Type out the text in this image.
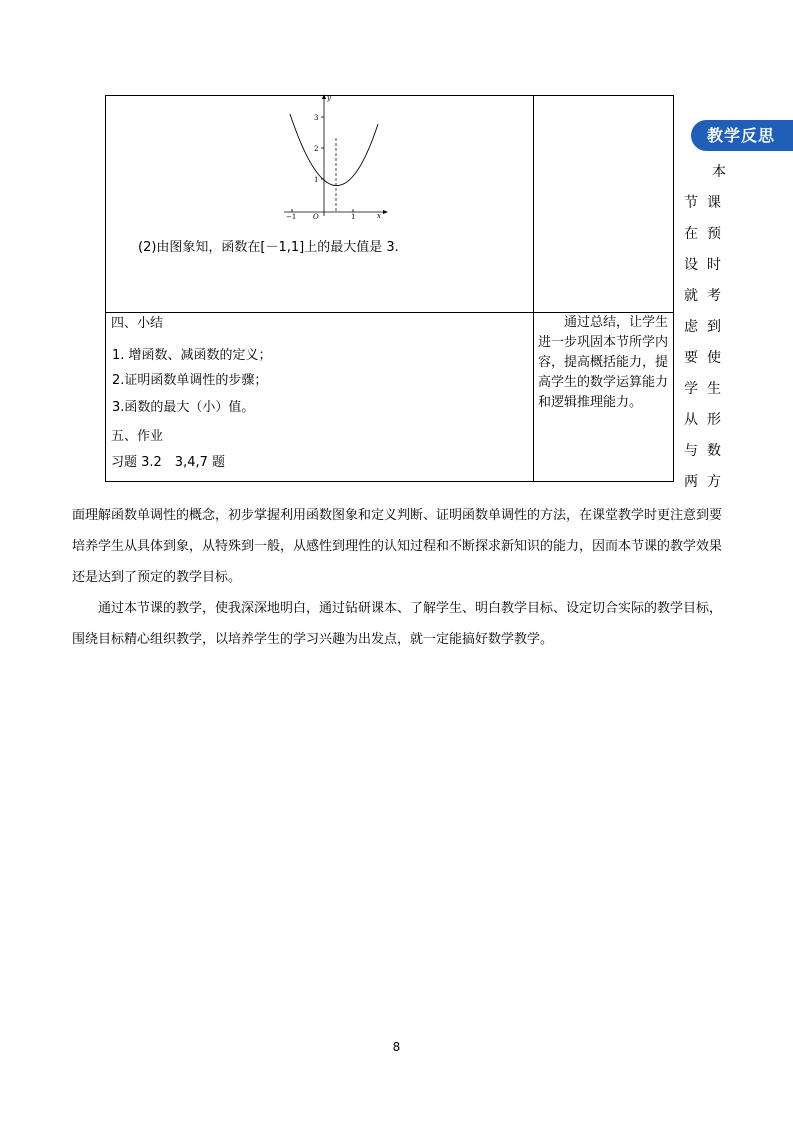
y
x
3
2
1
−1 O	1
(2)由图象知，函数在[－1,1]上的最大值是 3.
四、小结
1. 增函数、减函数的定义；
2.证明函数单调性的步骤；
3.函数的最大（小）值。
五、作业
习题 3.2　3,4,7 题
通过总结，让学生进一步巩固本节所学内容，提高概括能力，提高学生的数学运算能力和逻辑推理能力。
教学反思
本
节
在
设
就
虑
要
学
从
与
两
课
预
时
考
到
使
生
形
数
方
面理解函数单调性的概念，初步掌握利用函数图象和定义判断、证明函数单调性的方法，在课堂教学时更注意到要培养学生从具体到象，从特殊到一般，从感性到理性的认知过程和不断探求新知识的能力，因而本节课的教学效果还是达到了预定的教学目标。
通过本节课的教学，使我深深地明白，通过钻研课本、了解学生、明白教学目标、设定切合实际的教学目标，围绕目标精心组织教学，以培养学生的学习兴趣为出发点，就一定能搞好数学教学。
8
